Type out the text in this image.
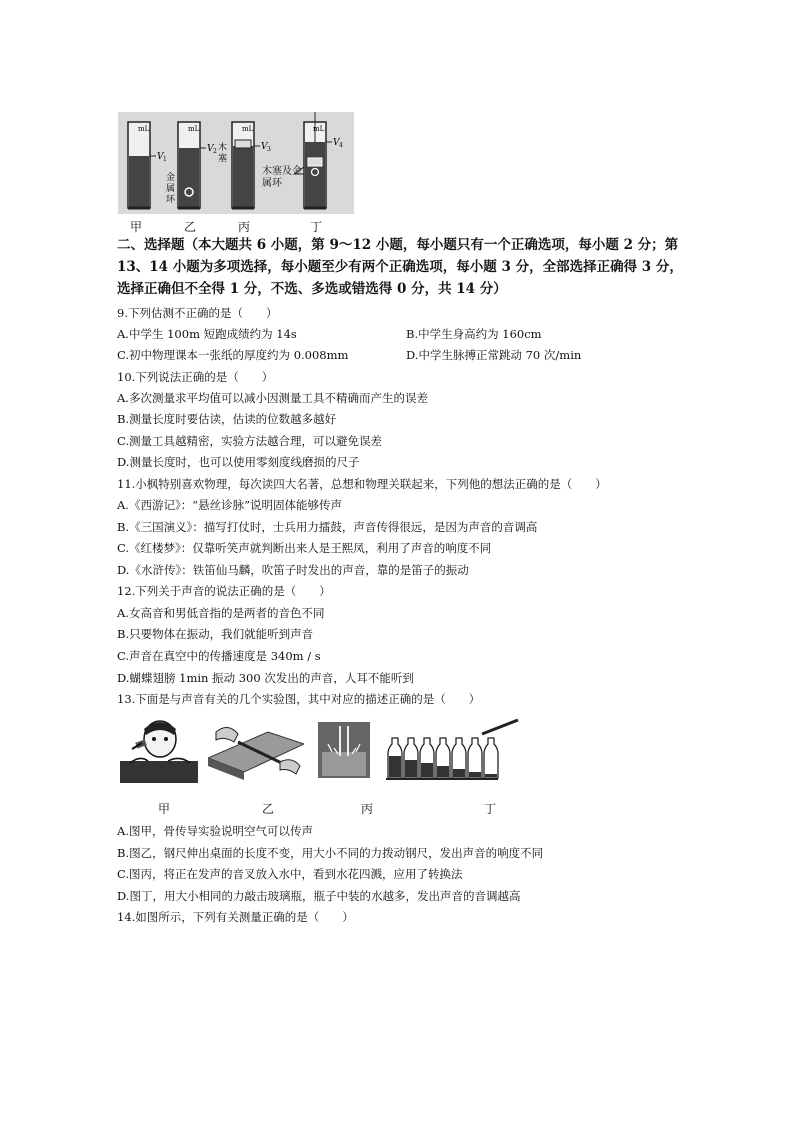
mL
V 1
mL
V 2
金属环
mL
V 3
木塞
mL
V 4
木塞及金属环
甲	乙	丙	丁
二、选择题（本大题共 6 小题，第 9～12 小题，每小题只有一个正确选项，每小题 2 分；第
13、14 小题为多项选择，每小题至少有两个正确选项，每小题 3 分，全部选择正确得 3 分，
选择正确但不全得 1 分，不选、多选或错选得 0 分，共 14 分）
9.下列估测不正确的是（　　）
A.中学生 100m 短跑成绩约为 14s	B.中学生身高约为 160cm
C.初中物理课本一张纸的厚度约为 0.008mm	D.中学生脉搏正常跳动 70 次/min
10.下列说法正确的是（　　）
A.多次测量求平均值可以减小因测量工具不精确而产生的误差
B.测量长度时要估读，估读的位数越多越好
C.测量工具越精密，实验方法越合理，可以避免误差
D.测量长度时，也可以使用零刻度线磨损的尺子
11.小枫特别喜欢物理，每次读四大名著，总想和物理关联起来，下列他的想法正确的是（　　）
A.《西游记》：“悬丝诊脉”说明固体能够传声
B.《三国演义》：描写打仗时，士兵用力擂鼓，声音传得很远，是因为声音的音调高
C.《红楼梦》：仅靠听笑声就判断出来人是王熙凤，利用了声音的响度不同
D.《水浒传》：铁笛仙马麟，吹笛子时发出的声音，靠的是笛子的振动
12.下列关于声音的说法正确的是（　　）
A.女高音和男低音指的是两者的音色不同
B.只要物体在振动，我们就能听到声音
C.声音在真空中的传播速度是 340m / s
D.蝴蝶翅膀 1min 振动 300 次发出的声音，人耳不能听到
13.下面是与声音有关的几个实验图，其中对应的描述正确的是（　　）
甲	乙	丙	丁
A.图甲，骨传导实验说明空气可以传声
B.图乙，钢尺伸出桌面的长度不变，用大小不同的力拨动钢尺，发出声音的响度不同
C.图丙，将正在发声的音叉放入水中，看到水花四溅，应用了转换法
D.图丁，用大小相同的力敲击玻璃瓶，瓶子中装的水越多，发出声音的音调越高
14.如图所示，下列有关测量正确的是（　　）
